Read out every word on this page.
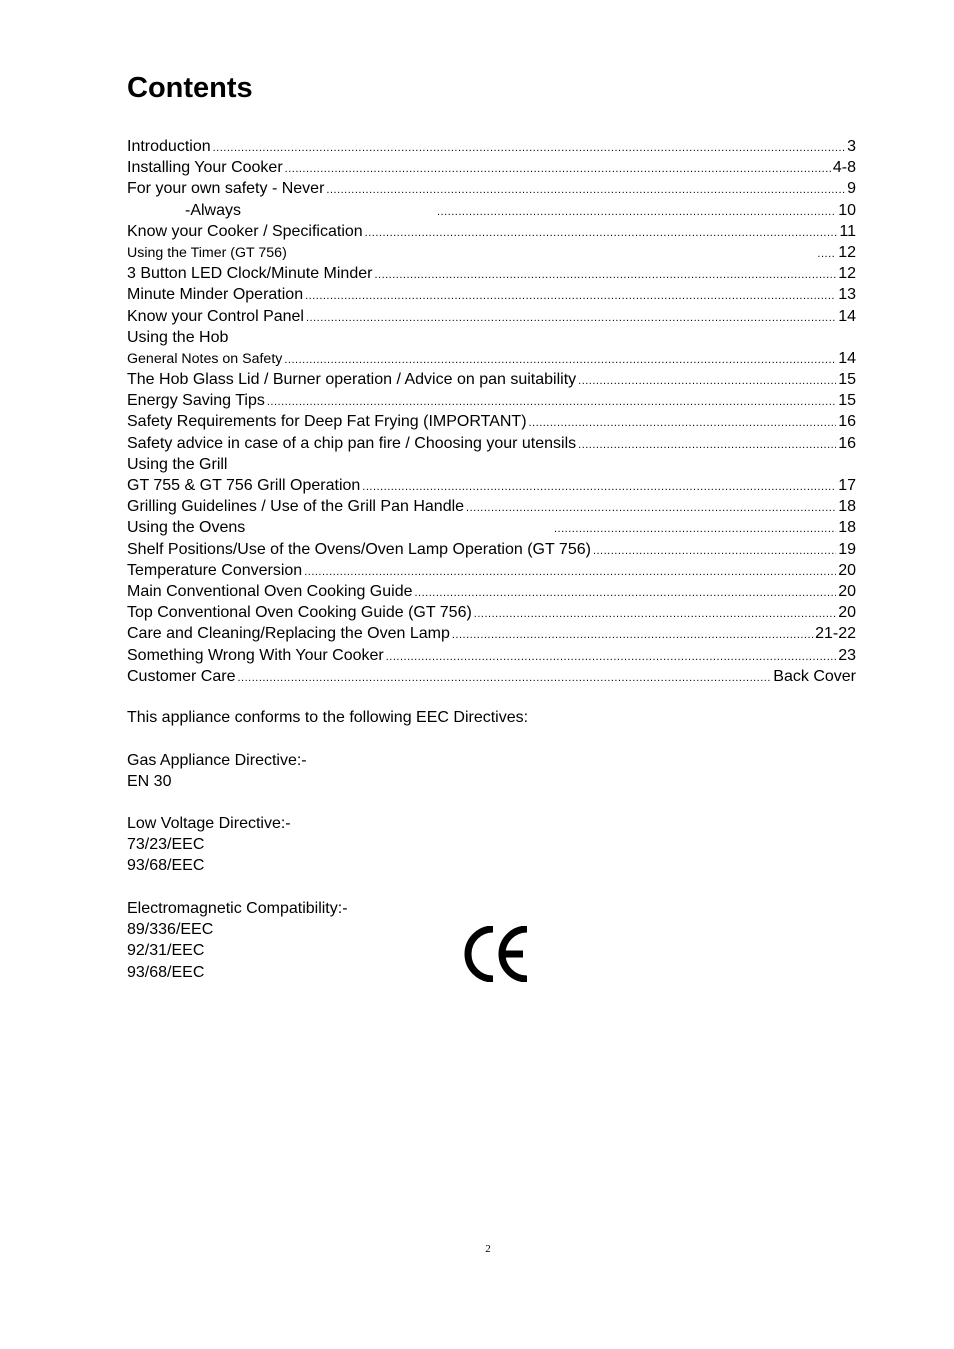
Contents
Introduction .....	3
Installing Your Cooker .....	4-8
For your own safety - Never .....	9
-Always .....	10
Know your Cooker / Specification .....	11
Using the Timer (GT 756)	..... 12
3 Button LED Clock/Minute Minder .....	12
Minute Minder Operation .....	13
Know your Control Panel .....	14
Using the Hob
General Notes on Safety .....	14
The Hob Glass Lid / Burner operation / Advice on pan suitability .....	15
Energy Saving Tips .....	15
Safety Requirements for Deep Fat Frying (IMPORTANT) .....	16
Safety advice in case of a chip pan fire / Choosing your utensils .....	16
Using the Grill
GT 755 & GT 756 Grill Operation .....	17
Grilling Guidelines / Use of the Grill Pan Handle .....	18
Using the Ovens .....	18
Shelf Positions/Use of the Ovens/Oven Lamp Operation (GT 756) .....	19
Temperature Conversion .....	20
Main Conventional Oven Cooking Guide .....	20
Top Conventional Oven Cooking Guide (GT 756) .....	20
Care and Cleaning/Replacing the Oven Lamp .....	21-22
Something Wrong With Your Cooker .....	23
Customer Care .....	Back Cover
This appliance conforms to the following EEC Directives:
Gas Appliance Directive:-
EN 30
Low Voltage Directive:-
73/23/EEC
93/68/EEC
Electromagnetic Compatibility:-
89/336/EEC
92/31/EEC
93/68/EEC
2
